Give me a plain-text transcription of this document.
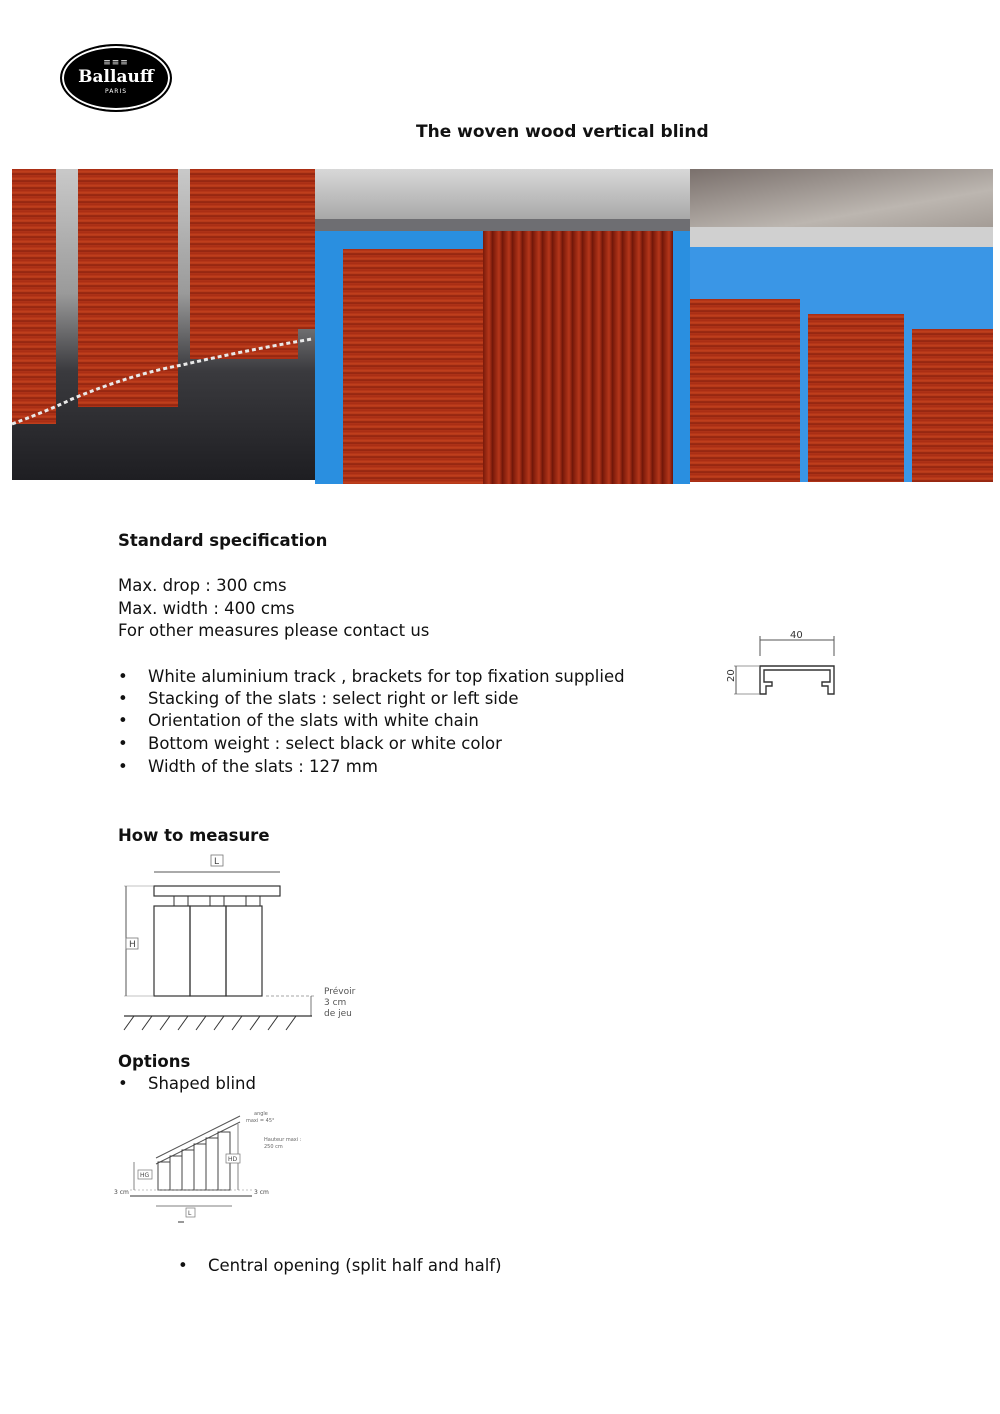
≡≡≡
Ballauff
PARIS
The woven wood vertical blind
Standard specification
Max. drop : 300 cms
Max. width : 400 cms
For other measures please contact us
• White aluminium track , brackets for top fixation supplied
• Stacking of the slats : select right or left side
• Orientation of the slats with white chain
• Bottom weight : select black or white color
• Width of the slats : 127 mm
40
20
How to measure
L
H
Prévoir
3 cm
de jeu
Options
• Shaped blind
angle
maxi = 45°
Hauteur maxi :
250 cm
HD
HG
3 cm	3 cm
L
• Central opening (split half and half)
